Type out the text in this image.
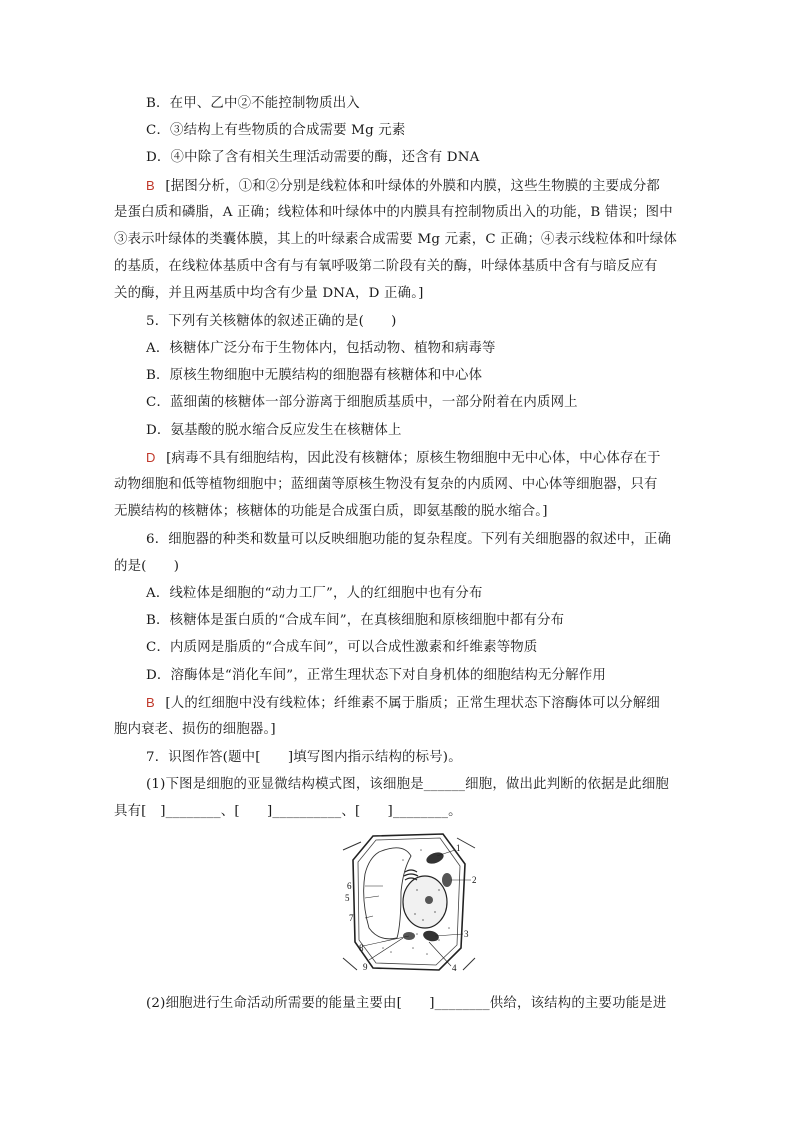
B．在甲、乙中②不能控制物质出入
C．③结构上有些物质的合成需要 Mg 元素
D．④中除了含有相关生理活动需要的酶，还含有 DNA
B [据图分析，①和②分别是线粒体和叶绿体的外膜和内膜，这些生物膜的主要成分都
是蛋白质和磷脂，A 正确；线粒体和叶绿体中的内膜具有控制物质出入的功能，B 错误；图中
③表示叶绿体的类囊体膜，其上的叶绿素合成需要 Mg 元素，C 正确；④表示线粒体和叶绿体
的基质，在线粒体基质中含有与有氧呼吸第二阶段有关的酶，叶绿体基质中含有与暗反应有
关的酶，并且两基质中均含有少量 DNA，D 正确。]
5．下列有关核糖体的叙述正确的是(　　)
A．核糖体广泛分布于生物体内，包括动物、植物和病毒等
B．原核生物细胞中无膜结构的细胞器有核糖体和中心体
C．蓝细菌的核糖体一部分游离于细胞质基质中，一部分附着在内质网上
D．氨基酸的脱水缩合反应发生在核糖体上
D [病毒不具有细胞结构，因此没有核糖体；原核生物细胞中无中心体，中心体存在于
动物细胞和低等植物细胞中；蓝细菌等原核生物没有复杂的内质网、中心体等细胞器，只有
无膜结构的核糖体；核糖体的功能是合成蛋白质，即氨基酸的脱水缩合。]
6．细胞器的种类和数量可以反映细胞功能的复杂程度。下列有关细胞器的叙述中，正确
的是(　　)
A．线粒体是细胞的“动力工厂”，人的红细胞中也有分布
B．核糖体是蛋白质的“合成车间”，在真核细胞和原核细胞中都有分布
C．内质网是脂质的“合成车间”，可以合成性激素和纤维素等物质
D．溶酶体是“消化车间”，正常生理状态下对自身机体的细胞结构无分解作用
B [人的红细胞中没有线粒体；纤维素不属于脂质；正常生理状态下溶酶体可以分解细
胞内衰老、损伤的细胞器。]
7．识图作答(题中[　　]填写图内指示结构的标号)。
(1)下图是细胞的亚显微结构模式图，该细胞是______细胞，做出此判断的依据是此细胞
具有[　]________、[　　]__________、[　　]________。
1
2
3
4
5
6
7
8
9
(2)细胞进行生命活动所需要的能量主要由[　　]________供给，该结构的主要功能是进
